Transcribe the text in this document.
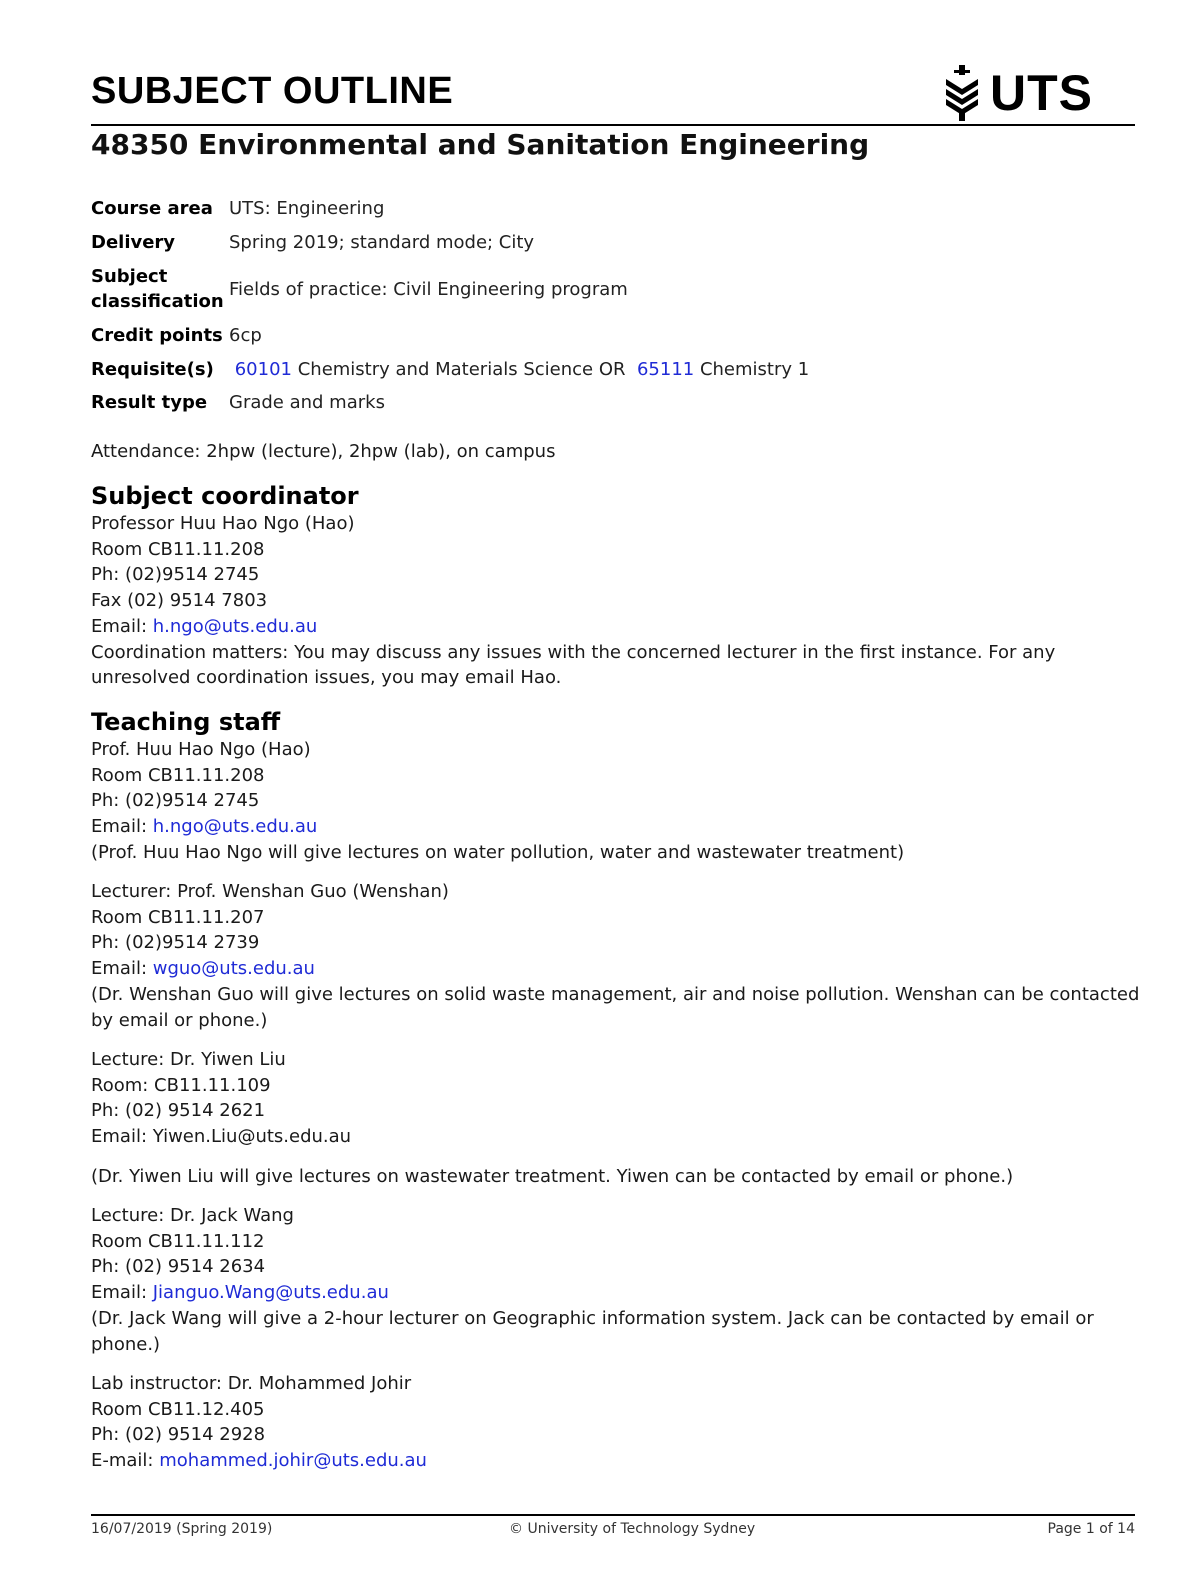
SUBJECT OUTLINE	UTS
48350 Environmental and Sanitation Engineering
Course area	UTS: Engineering
Delivery	Spring 2019; standard mode; City

Subject
classification	Fields of practice: Civil Engineering program
Credit points	6cp
Requisite(s)	60101 Chemistry and Materials Science OR  65111 Chemistry 1
Result type	Grade and marks
Attendance: 2hpw (lecture), 2hpw (lab), on campus
Subject coordinator
Professor Huu Hao Ngo (Hao)
Room CB11.11.208
Ph: (02)9514 2745
Fax (02) 9514 7803
Email: h.ngo@uts.edu.au
Coordination matters: You may discuss any issues with the concerned lecturer in the first instance. For any
unresolved coordination issues, you may email Hao.
Teaching staff
Prof. Huu Hao Ngo (Hao)
Room CB11.11.208
Ph: (02)9514 2745
Email: h.ngo@uts.edu.au
(Prof. Huu Hao Ngo will give lectures on water pollution, water and wastewater treatment)
Lecturer: Prof. Wenshan Guo (Wenshan)
Room CB11.11.207
Ph: (02)9514 2739
Email: wguo@uts.edu.au
(Dr. Wenshan Guo will give lectures on solid waste management, air and noise pollution. Wenshan can be contacted
by email or phone.)
Lecture: Dr. Yiwen Liu
Room: CB11.11.109
Ph: (02) 9514 2621
Email: Yiwen.Liu@uts.edu.au
(Dr. Yiwen Liu will give lectures on wastewater treatment. Yiwen can be contacted by email or phone.)
Lecture: Dr. Jack Wang
Room CB11.11.112
Ph: (02) 9514 2634
Email: Jianguo.Wang@uts.edu.au
(Dr. Jack Wang will give a 2-hour lecturer on Geographic information system. Jack can be contacted by email or
phone.)
Lab instructor: Dr. Mohammed Johir
Room CB11.12.405
Ph: (02) 9514 2928
E-mail: mohammed.johir@uts.edu.au
16/07/2019 (Spring 2019)	© University of Technology Sydney	Page 1 of 14
